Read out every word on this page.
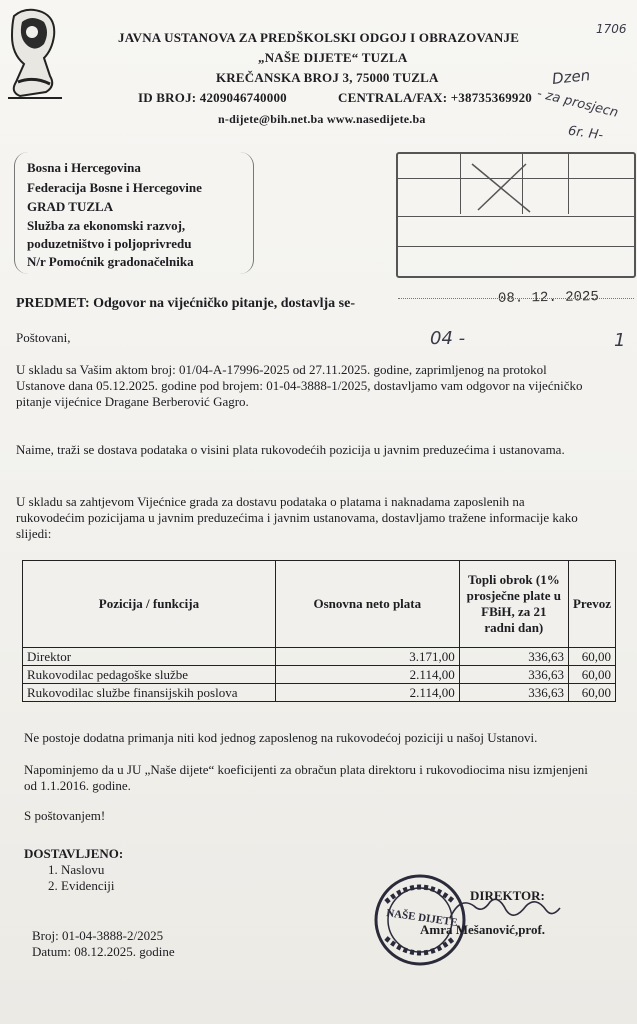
1706
JAVNA USTANOVA ZA PREDŠKOLSKI ODGOJ I OBRAZOVANJE
„NAŠE DIJETE“ TUZLA
KREČANSKA BROJ 3, 75000 TUZLA
ID BROJ: 4209046740000	CENTRALA/FAX: +38735369920
n-dijete@bih.net.ba www.nasedijete.ba
Dzen
- za prosjecn
6r. H-
Bosna i Hercegovina
Federacija Bosne i Hercegovine
GRAD TUZLA
Služba za ekonomski razvoj,
poduzetništvo i poljoprivredu
N/r Pomoćnik gradonačelnika
08. 12. 2025
04 -	1
PREDMET: Odgovor na vijećničko pitanje, dostavlja se-
Poštovani,
U skladu sa Vašim aktom broj: 01/04-A-17996-2025 od 27.11.2025. godine, zaprimljenog na protokol Ustanove dana 05.12.2025. godine pod brojem: 01-04-3888-1/2025, dostavljamo vam odgovor na vijećničko pitanje vijećnice Dragane Berberović Gagro.
Naime, traži se dostava podataka o visini plata rukovodećih pozicija u javnim preduzećima i ustanovama.
U skladu sa zahtjevom Vijećnice grada za dostavu podataka o platama i naknadama zaposlenih na rukovodećim pozicijama u javnim preduzećima i javnim ustanovama, dostavljamo tražene informacije kako slijedi:
Pozicija / funkcija	Osnovna neto plata	Topli obrok (1% prosječne plate u FBiH, za 21 radni dan)	Prevoz
Direktor	3.171,00	336,63	60,00
Rukovodilac pedagoške službe	2.114,00	336,63	60,00
Rukovodilac službe finansijskih poslova	2.114,00	336,63	60,00
Ne postoje dodatna primanja niti kod jednog zaposlenog na rukovodećoj poziciji u našoj Ustanovi.
Napominjemo da u JU „Naše dijete“ koeficijenti za obračun plata direktoru i rukovodiocima nisu izmjenjeni od 1.1.2016. godine.
S poštovanjem!
DOSTAVLJENO:
1. Naslovu
2. Evidenciji
Broj: 01-04-3888-2/2025
Datum: 08.12.2025. godine
NAŠE DIJETE
DIREKTOR:
Amra Mešanović,prof.
